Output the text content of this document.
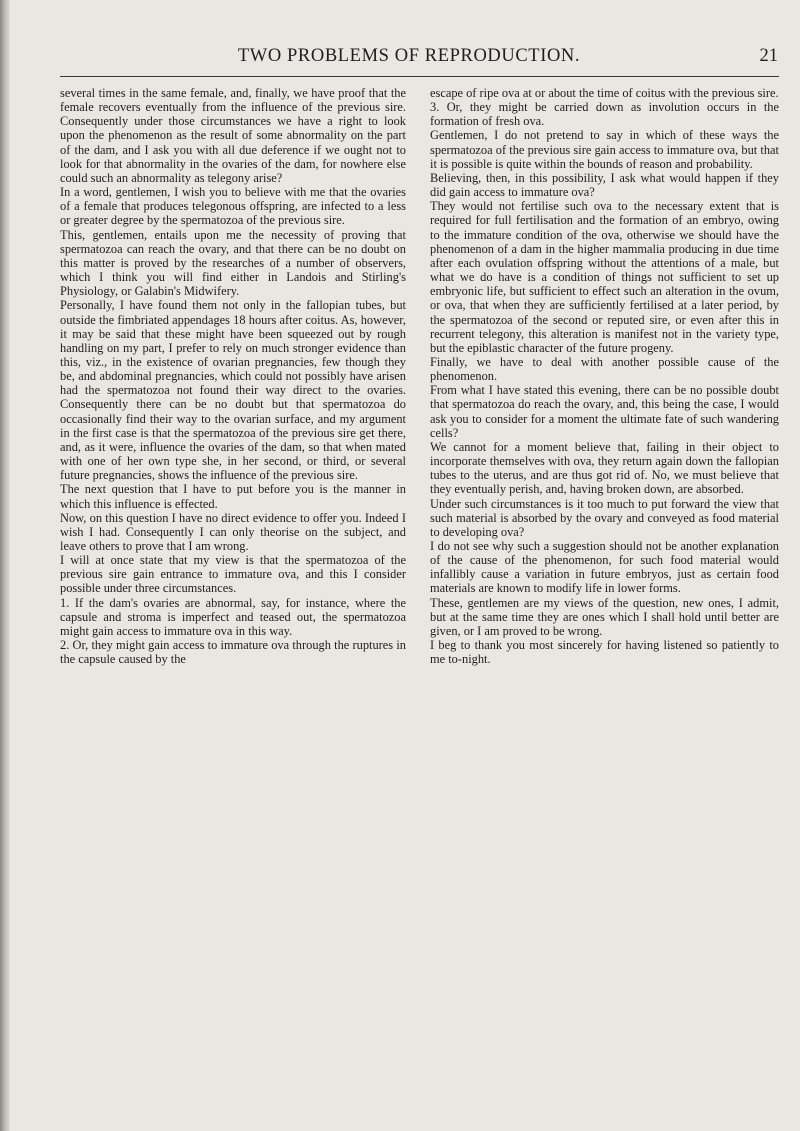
TWO PROBLEMS OF REPRODUCTION.	21

several times in the same female, and, finally, we have proof that the female recovers eventually from the influence of the previous sire. Consequently under those circumstances we have a right to look upon the phenomenon as the result of some abnormality on the part of the dam, and I ask you with all due deference if we ought not to look for that abnormality in the ovaries of the dam, for nowhere else could such an abnormality as telegony arise?

In a word, gentlemen, I wish you to believe with me that the ovaries of a female that produces telegonous offspring, are infected to a less or greater degree by the spermatozoa of the previous sire.

This, gentlemen, entails upon me the necessity of proving that spermatozoa can reach the ovary, and that there can be no doubt on this matter is proved by the researches of a number of observers, which I think you will find either in Landois and Stirling's Physiology, or Galabin's Midwifery.

Personally, I have found them not only in the fallopian tubes, but outside the fimbriated appendages 18 hours after coitus. As, however, it may be said that these might have been squeezed out by rough handling on my part, I prefer to rely on much stronger evidence than this, viz., in the existence of ovarian pregnancies, few though they be, and abdominal pregnancies, which could not possibly have arisen had the spermatozoa not found their way direct to the ovaries. Consequently there can be no doubt but that spermatozoa do occasionally find their way to the ovarian surface, and my argument in the first case is that the spermatozoa of the previous sire get there, and, as it were, influence the ovaries of the dam, so that when mated with one of her own type she, in her second, or third, or several future pregnancies, shows the influence of the previous sire.

The next question that I have to put before you is the manner in which this influence is effected.

Now, on this question I have no direct evidence to offer you. Indeed I wish I had. Consequently I can only theorise on the subject, and leave others to prove that I am wrong.

I will at once state that my view is that the spermatozoa of the previous sire gain entrance to immature ova, and this I consider possible under three circumstances.

1. If the dam's ovaries are abnormal, say, for instance, where the capsule and stroma is imperfect and teased out, the spermatozoa might gain access to immature ova in this way.

2. Or, they might gain access to immature ova through the ruptures in the capsule caused by the

escape of ripe ova at or about the time of coitus with the previous sire.

3. Or, they might be carried down as involution occurs in the formation of fresh ova.

Gentlemen, I do not pretend to say in which of these ways the spermatozoa of the previous sire gain access to immature ova, but that it is possible is quite within the bounds of reason and probability.

Believing, then, in this possibility, I ask what would happen if they did gain access to immature ova?

They would not fertilise such ova to the necessary extent that is required for full fertilisation and the formation of an embryo, owing to the immature condition of the ova, otherwise we should have the phenomenon of a dam in the higher mammalia producing in due time after each ovulation offspring without the attentions of a male, but what we do have is a condition of things not sufficient to set up embryonic life, but sufficient to effect such an alteration in the ovum, or ova, that when they are sufficiently fertilised at a later period, by the spermatozoa of the second or reputed sire, or even after this in recurrent telegony, this alteration is manifest not in the variety type, but the epiblastic character of the future progeny.

Finally, we have to deal with another possible cause of the phenomenon.

From what I have stated this evening, there can be no possible doubt that spermatozoa do reach the ovary, and, this being the case, I would ask you to consider for a moment the ultimate fate of such wandering cells?

We cannot for a moment believe that, failing in their object to incorporate themselves with ova, they return again down the fallopian tubes to the uterus, and are thus got rid of. No, we must believe that they eventually perish, and, having broken down, are absorbed.

Under such circumstances is it too much to put forward the view that such material is absorbed by the ovary and conveyed as food material to developing ova?

I do not see why such a suggestion should not be another explanation of the cause of the phenomenon, for such food material would infallibly cause a variation in future embryos, just as certain food materials are known to modify life in lower forms.

These, gentlemen are my views of the question, new ones, I admit, but at the same time they are ones which I shall hold until better are given, or I am proved to be wrong.

I beg to thank you most sincerely for having listened so patiently to me to-night.
